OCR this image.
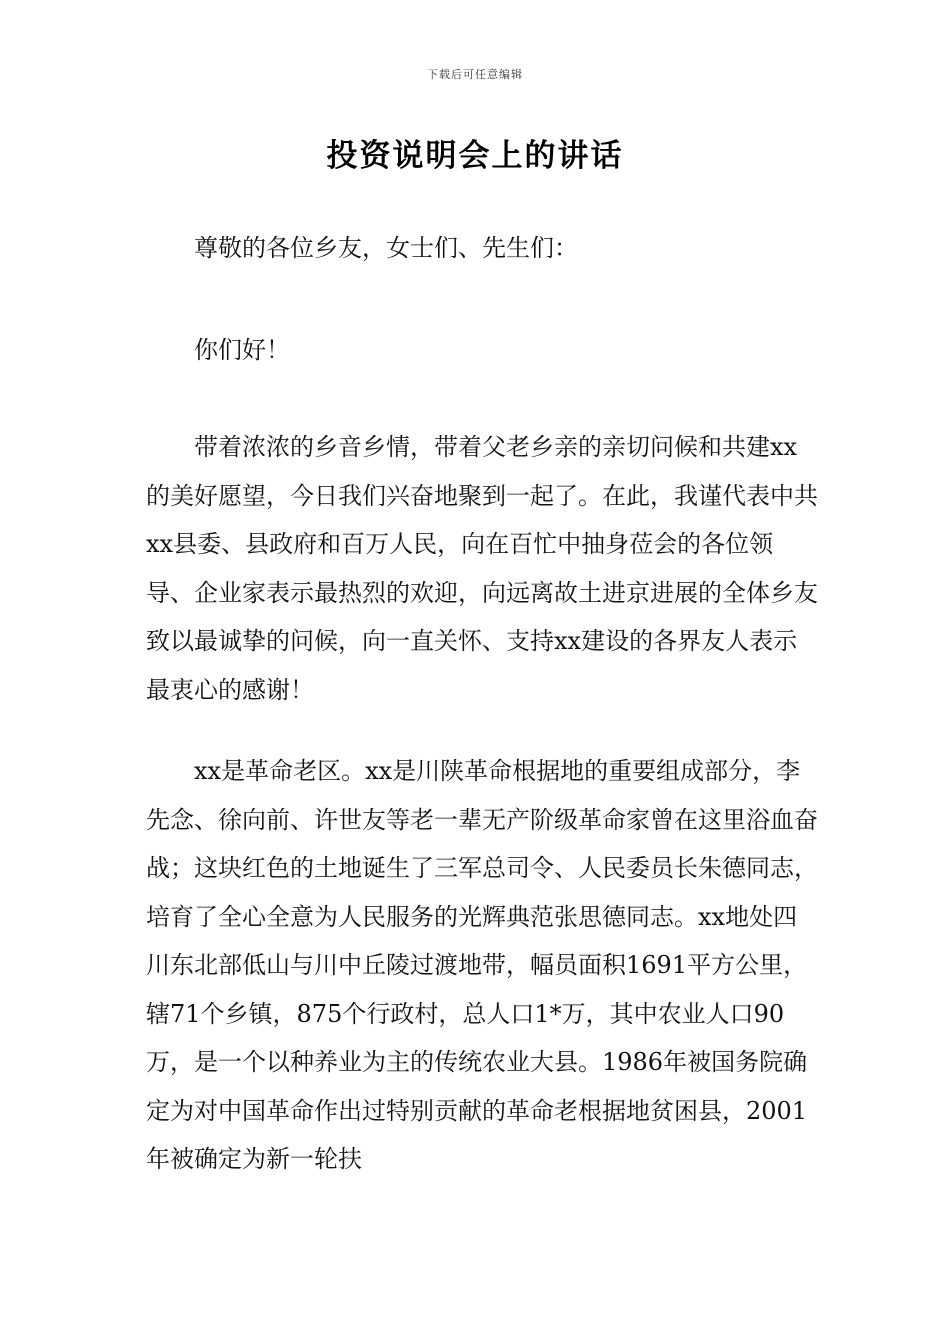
下载后可任意编辑
投资说明会上的讲话

尊敬的各位乡友，女士们、先生们：

你们好！

带着浓浓的乡音乡情，带着父老乡亲的亲切问候和共建xx的美好愿望，今日我们兴奋地聚到一起了。在此，我谨代表中共xx县委、县政府和百万人民，向在百忙中抽身莅会的各位领导、企业家表示最热烈的欢迎，向远离故土进京进展的全体乡友致以最诚挚的问候，向一直关怀、支持xx建设的各界友人表示最衷心的感谢！

xx是革命老区。xx是川陕革命根据地的重要组成部分，李先念、徐向前、许世友等老一辈无产阶级革命家曾在这里浴血奋战；这块红色的土地诞生了三军总司令、人民委员长朱德同志，培育了全心全意为人民服务的光辉典范张思德同志。xx地处四川东北部低山与川中丘陵过渡地带，幅员面积1691平方公里，辖71个乡镇，875个行政村，总人口1*万，其中农业人口90万，是一个以种养业为主的传统农业大县。1986年被国务院确定为对中国革命作出过特别贡献的革命老根据地贫困县，2001年被确定为新一轮扶
